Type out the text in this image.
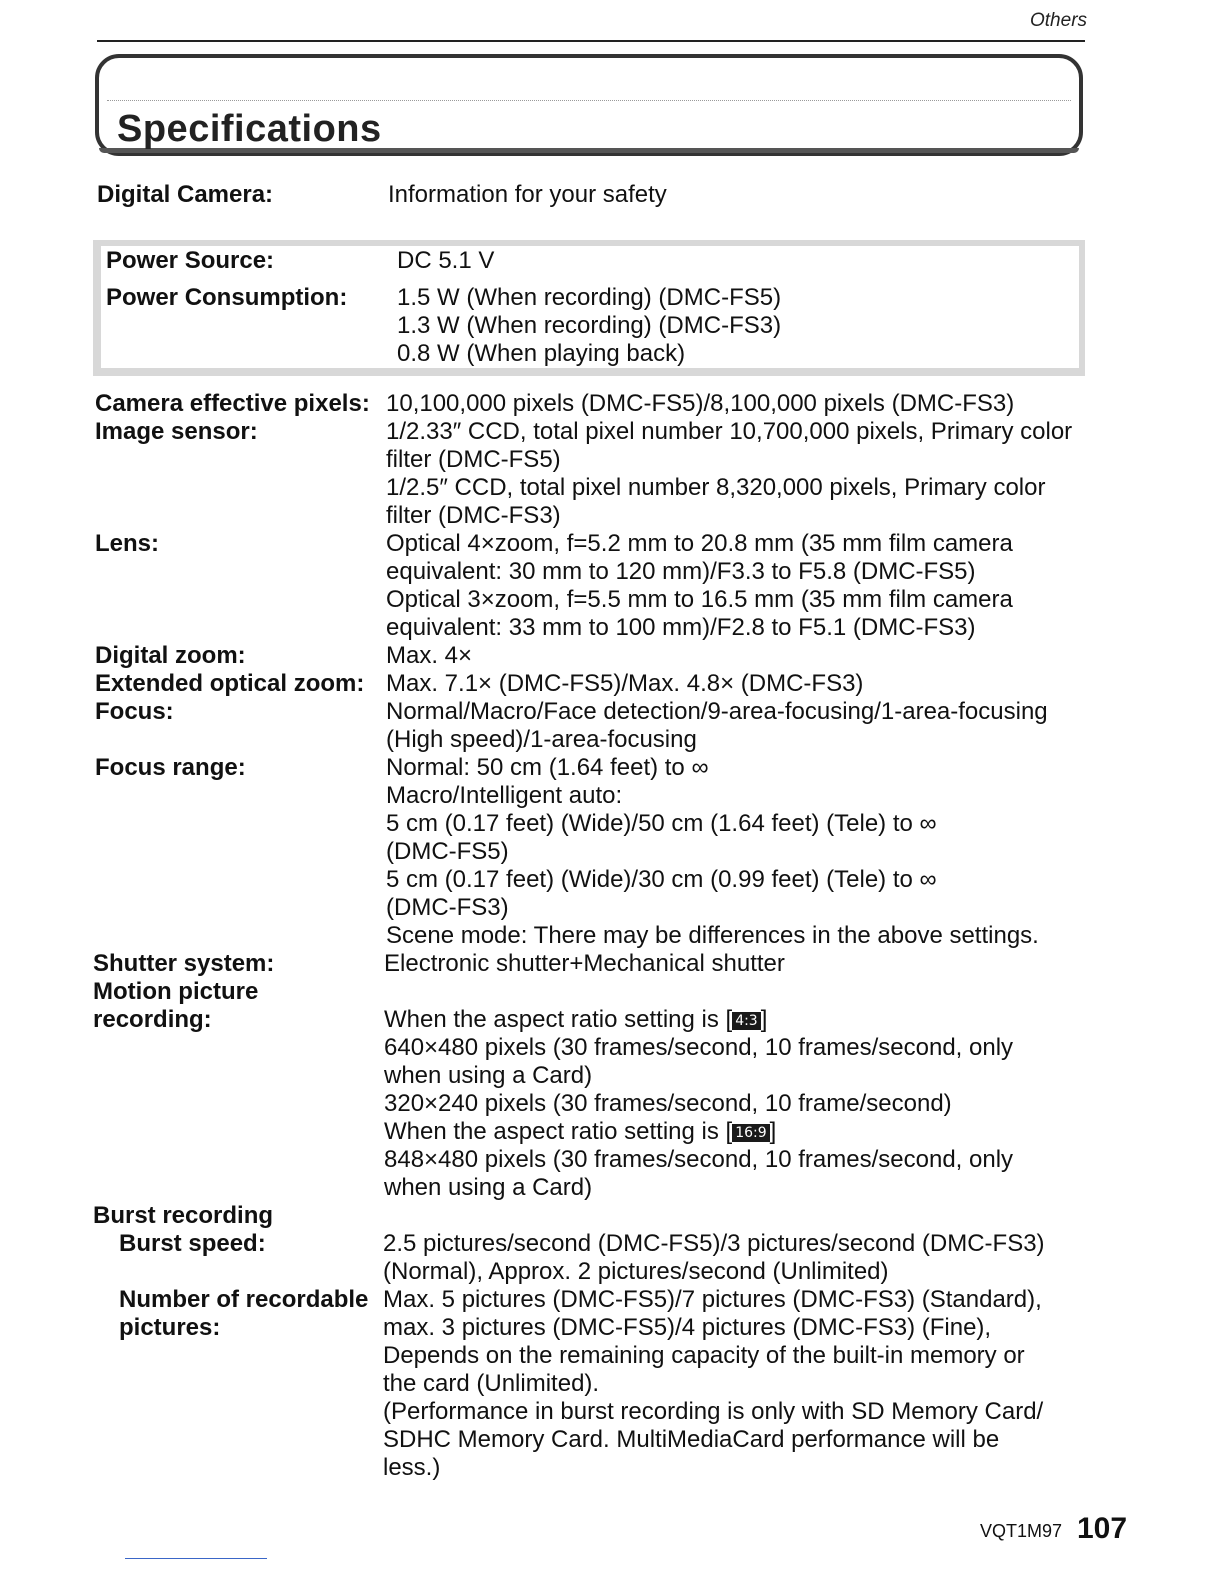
Others
Specifications
Digital Camera:	Information for your safety
Power Source:	DC 5.1 V
Power Consumption: 1.5 W (When recording) (DMC-FS5)
1.3 W (When recording) (DMC-FS3)
0.8 W (When playing back)
Camera effective pixels: 10,100,000 pixels (DMC-FS5)/8,100,000 pixels (DMC-FS3)
Image sensor:	1/2.33″ CCD, total pixel number 10,700,000 pixels, Primary color
filter (DMC-FS5)
1/2.5″ CCD, total pixel number 8,320,000 pixels, Primary color
filter (DMC-FS3)
Lens:	Optical 4×zoom, f=5.2 mm to 20.8 mm (35 mm film camera
equivalent: 30 mm to 120 mm)/F3.3 to F5.8 (DMC-FS5)
Optical 3×zoom, f=5.5 mm to 16.5 mm (35 mm film camera
equivalent: 33 mm to 100 mm)/F2.8 to F5.1 (DMC-FS3)
Digital zoom:	Max. 4×
Extended optical zoom: Max. 7.1× (DMC-FS5)/Max. 4.8× (DMC-FS3)
Focus:	Normal/Macro/Face detection/9-area-focusing/1-area-focusing
(High speed)/1-area-focusing
Focus range:	Normal: 50 cm (1.64 feet) to ∞
Macro/Intelligent auto:
5 cm (0.17 feet) (Wide)/50 cm (1.64 feet) (Tele) to ∞
(DMC-FS5)
5 cm (0.17 feet) (Wide)/30 cm (0.99 feet) (Tele) to ∞
(DMC-FS3)
Scene mode: There may be differences in the above settings.
Shutter system:	Electronic shutter+Mechanical shutter
Motion picture
recording:	When the aspect ratio setting is [ 4:3 ]
640×480 pixels (30 frames/second, 10 frames/second, only
when using a Card)
320×240 pixels (30 frames/second, 10 frame/second)
When the aspect ratio setting is [ 16:9 ]
848×480 pixels (30 frames/second, 10 frames/second, only
when using a Card)
Burst recording
Burst speed:	2.5 pictures/second (DMC-FS5)/3 pictures/second (DMC-FS3)
(Normal), Approx. 2 pictures/second (Unlimited)
Number of recordable
pictures:
Max. 5 pictures (DMC-FS5)/7 pictures (DMC-FS3) (Standard),
max. 3 pictures (DMC-FS5)/4 pictures (DMC-FS3) (Fine),
Depends on the remaining capacity of the built-in memory or
the card (Unlimited).
(Performance in burst recording is only with SD Memory Card/
SDHC Memory Card. MultiMediaCard performance will be
less.)
VQT1M97 107
